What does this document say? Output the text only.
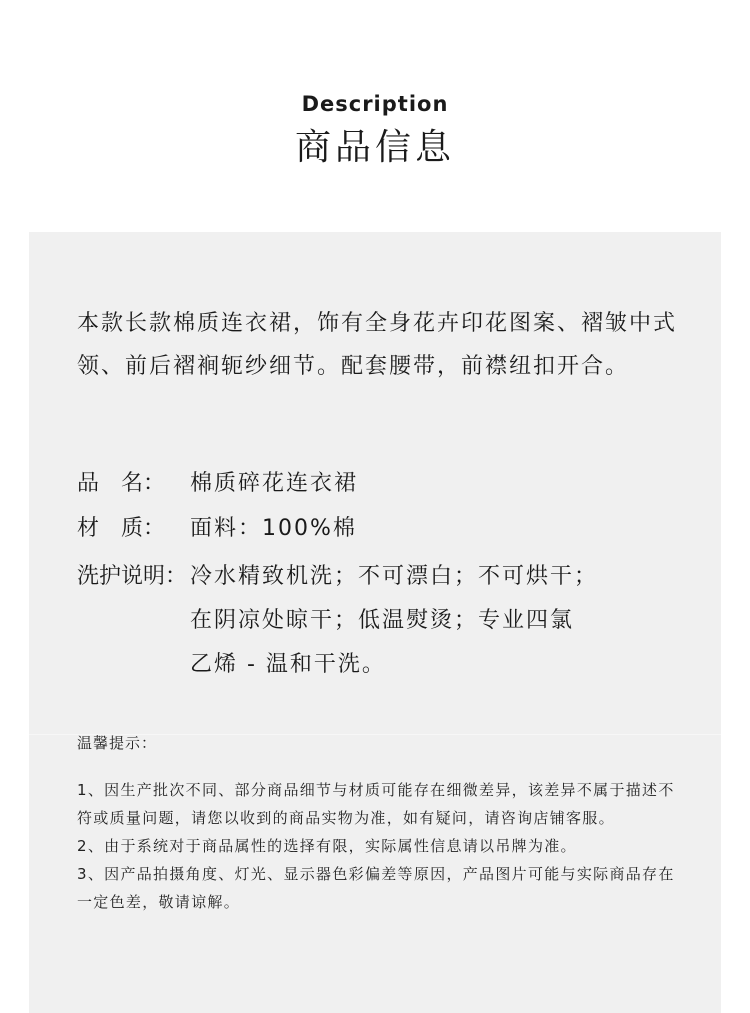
Description
商品信息
本款长款棉质连衣裙，饰有全身花卉印花图案、褶皱中式领、前后褶裥轭纱细节。配套腰带，前襟纽扣开合。
品　名：	棉质碎花连衣裙
材　质：	面料：100%棉
洗护说明： 冷水精致机洗；不可漂白；不可烘干；
在阴凉处晾干；低温熨烫；专业四氯
乙烯 - 温和干洗。
温馨提示：

1、因生产批次不同、部分商品细节与材质可能存在细微差异，该差异不属于描述不符或质量问题，请您以收到的商品实物为准，如有疑问，请咨询店铺客服。

2、由于系统对于商品属性的选择有限，实际属性信息请以吊牌为准。

3、因产品拍摄角度、灯光、显示器色彩偏差等原因，产品图片可能与实际商品存在一定色差，敬请谅解。
